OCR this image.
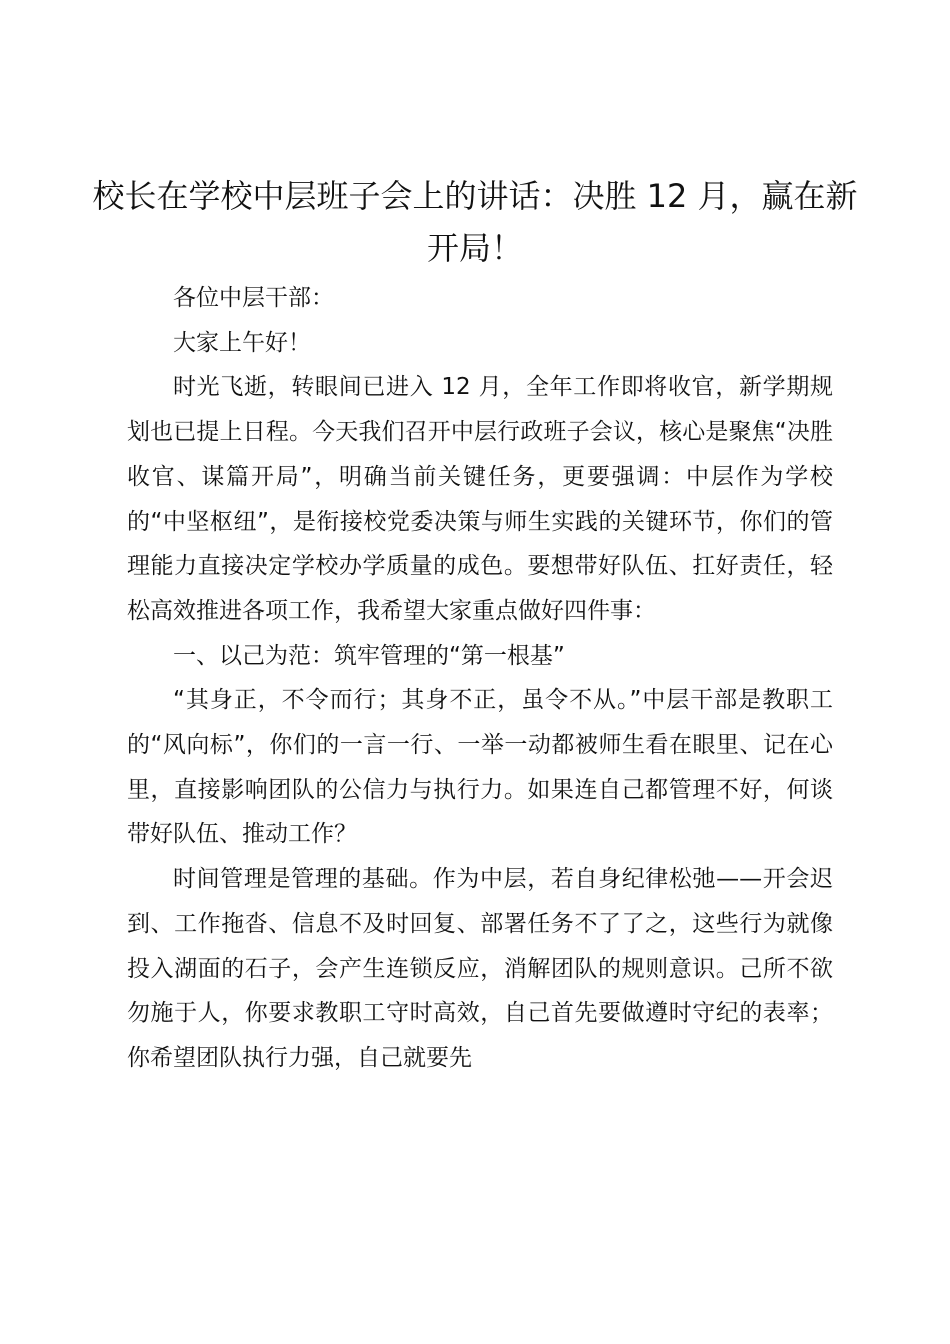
校长在学校中层班子会上的讲话：决胜 12 月，赢在新开局！

各位中层干部：

大家上午好！

时光飞逝，转眼间已进入 12 月，全年工作即将收官，新学期规划也已提上日程。今天我们召开中层行政班子会议，核心是聚焦“决胜收官、谋篇开局”，明确当前关键任务，更要强调：中层作为学校的“中坚枢纽”，是衔接校党委决策与师生实践的关键环节，你们的管理能力直接决定学校办学质量的成色。要想带好队伍、扛好责任，轻松高效推进各项工作，我希望大家重点做好四件事：

一、以己为范：筑牢管理的“第一根基”

“其身正，不令而行；其身不正，虽令不从。”中层干部是教职工的“风向标”，你们的一言一行、一举一动都被师生看在眼里、记在心里，直接影响团队的公信力与执行力。如果连自己都管理不好，何谈带好队伍、推动工作？

时间管理是管理的基础。作为中层，若自身纪律松弛——开会迟到、工作拖沓、信息不及时回复、部署任务不了了之，这些行为就像投入湖面的石子，会产生连锁反应，消解团队的规则意识。己所不欲勿施于人，你要求教职工守时高效，自己首先要做遵时守纪的表率；你希望团队执行力强，自己就要先
